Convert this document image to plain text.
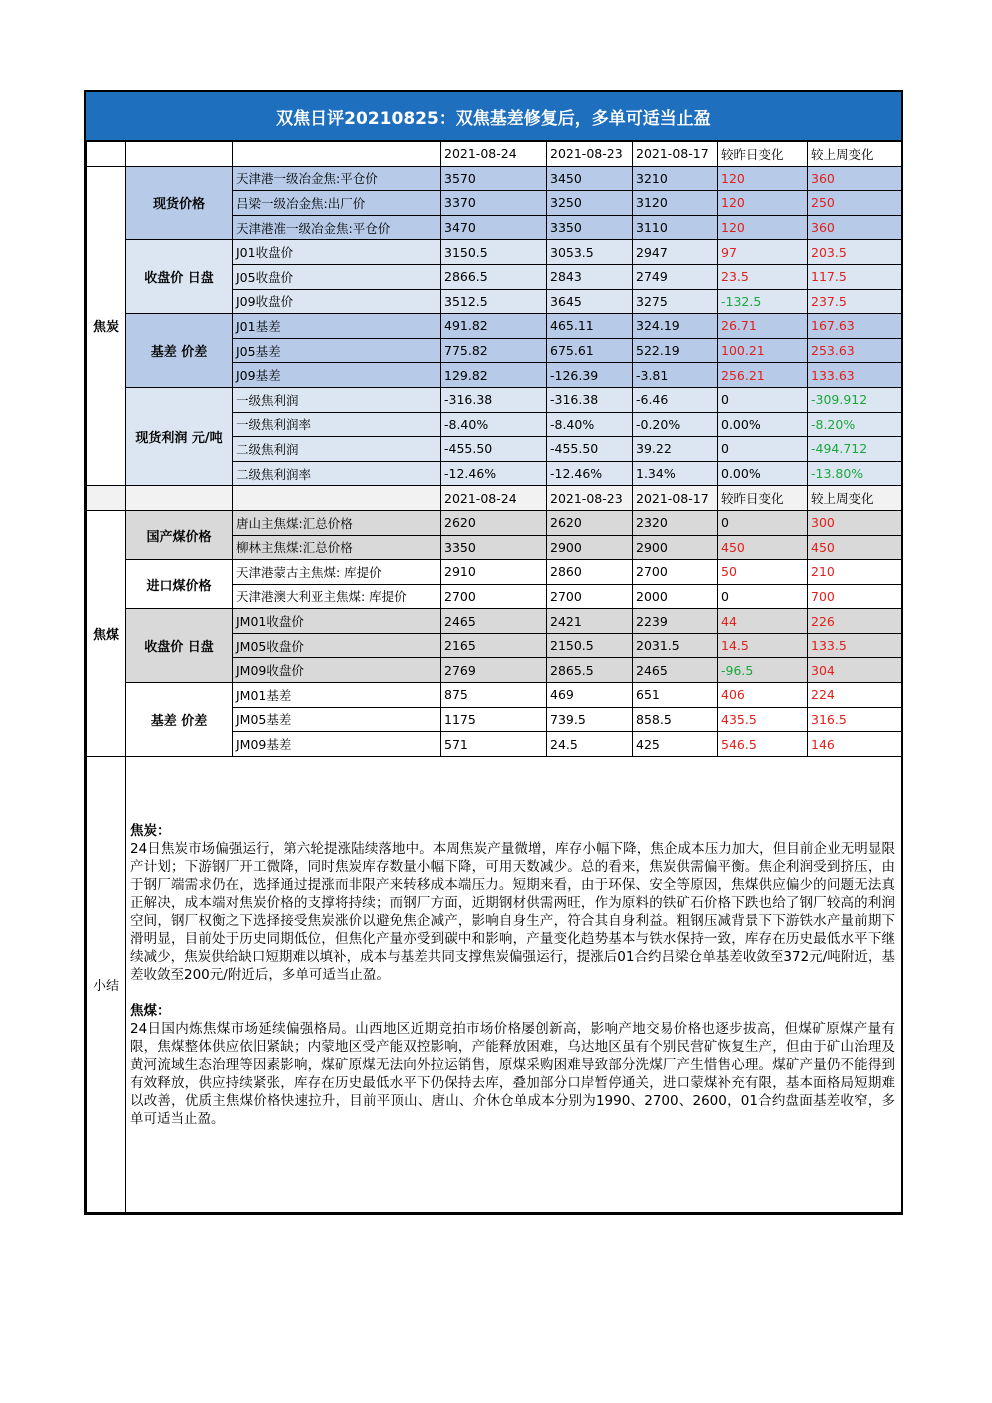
双焦日评20210825：双焦基差修复后，多单可适当止盈
			2021-08-24	2021-08-23	2021-08-17	较昨日变化	较上周变化
焦炭	现货价格	天津港一级冶金焦:平仓价	3570	3450	3210	120	360
		吕梁一级冶金焦:出厂价	3370	3250	3120	120	250
		天津港准一级冶金焦:平仓价	3470	3350	3110	120	360
	收盘价 日盘	J01收盘价	3150.5	3053.5	2947	97	203.5
		J05收盘价	2866.5	2843	2749	23.5	117.5
		J09收盘价	3512.5	3645	3275	-132.5	237.5
	基差 价差	J01基差	491.82	465.11	324.19	26.71	167.63
		J05基差	775.82	675.61	522.19	100.21	253.63
		J09基差	129.82	-126.39	-3.81	256.21	133.63
	现货利润 元/吨	一级焦利润	-316.38	-316.38	-6.46	0	-309.912
		一级焦利润率	-8.40%	-8.40%	-0.20%	0.00%	-8.20%
		二级焦利润	-455.50	-455.50	39.22	0	-494.712
		二级焦利润率	-12.46%	-12.46%	1.34%	0.00%	-13.80%
			2021-08-24	2021-08-23	2021-08-17	较昨日变化	较上周变化
焦煤	国产煤价格	唐山主焦煤:汇总价格	2620	2620	2320	0	300
		柳林主焦煤:汇总价格	3350	2900	2900	450	450
	进口煤价格	天津港蒙古主焦煤: 库提价	2910	2860	2700	50	210
		天津港澳大利亚主焦煤: 库提价	2700	2700	2000	0	700
	收盘价 日盘	JM01收盘价	2465	2421	2239	44	226
		JM05收盘价	2165	2150.5	2031.5	14.5	133.5
		JM09收盘价	2769	2865.5	2465	-96.5	304
	基差 价差	JM01基差	875	469	651	406	224
		JM05基差	1175	739.5	858.5	435.5	316.5
		JM09基差	571	24.5	425	546.5	146
小结	焦炭：
24日焦炭市场偏强运行，第六轮提涨陆续落地中。本周焦炭产量微增，库存小幅下降，焦企成本压力加大，但目前企业无明显限产计划；下游钢厂开工微降，同时焦炭库存数量小幅下降，可用天数减少。总的看来，焦炭供需偏平衡。焦企利润受到挤压，由于钢厂端需求仍在，选择通过提涨而非限产来转移成本端压力。短期来看，由于环保、安全等原因，焦煤供应偏少的问题无法真正解决，成本端对焦炭价格的支撑将持续；而钢厂方面，近期钢材供需两旺，作为原料的铁矿石价格下跌也给了钢厂较高的利润空间，钢厂权衡之下选择接受焦炭涨价以避免焦企减产，影响自身生产，符合其自身利益。粗钢压减背景下下游铁水产量前期下滑明显，目前处于历史同期低位，但焦化产量亦受到碳中和影响，产量变化趋势基本与铁水保持一致，库存在历史最低水平下继续减少，焦炭供给缺口短期难以填补，成本与基差共同支撑焦炭偏强运行，提涨后01合约吕梁仓单基差收敛至372元/吨附近，基差收敛至200元/附近后，多单可适当止盈。

焦煤：
24日国内炼焦煤市场延续偏强格局。山西地区近期竞拍市场价格屡创新高，影响产地交易价格也逐步拔高，但煤矿原煤产量有限，焦煤整体供应依旧紧缺；内蒙地区受产能双控影响，产能释放困难，乌达地区虽有个别民营矿恢复生产，但由于矿山治理及黄河流域生态治理等因素影响，煤矿原煤无法向外拉运销售，原煤采购困难导致部分洗煤厂产生惜售心理。煤矿产量仍不能得到有效释放，供应持续紧张，库存在历史最低水平下仍保持去库，叠加部分口岸暂停通关，进口蒙煤补充有限，基本面格局短期难以改善，优质主焦煤价格快速拉升，目前平顶山、唐山、介休仓单成本分别为1990、2700、2600，01合约盘面基差收窄，多单可适当止盈。						
